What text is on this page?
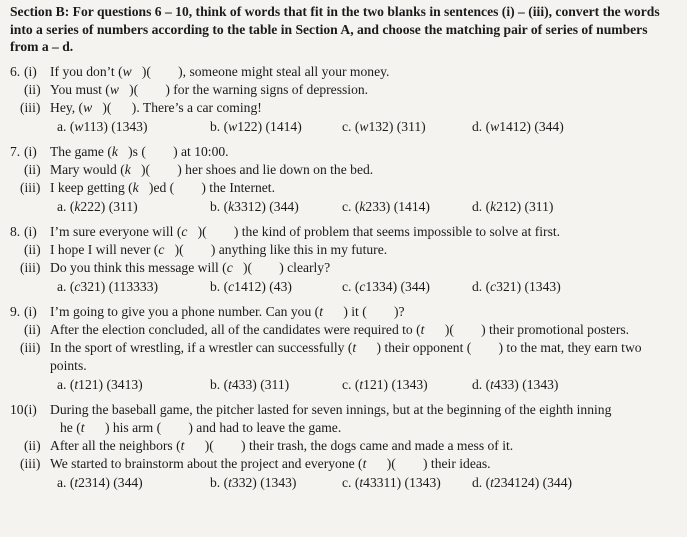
Section B: For questions 6 – 10, think of words that fit in the two blanks in sentences (i) – (iii), convert the words into a series of numbers according to the table in Section A, and choose the matching pair of series of numbers from a – d.
6. (i) If you don’t (w   )(        ), someone might steal all your money.
(ii) You must (w   )(        ) for the warning signs of depression.
(iii) Hey, (w   )(      ). There’s a car coming!
a. (w113) (1343)	b. (w122) (1414)	c. (w132) (311)	d. (w1412) (344)
7. (i) The game (k   )s (        ) at 10:00.
(ii) Mary would (k   )(        ) her shoes and lie down on the bed.
(iii) I keep getting (k   )ed (        ) the Internet.
a. (k222) (311)	b. (k3312) (344)	c. (k233) (1414)	d. (k212) (311)
8. (i) I’m sure everyone will (c   )(        ) the kind of problem that seems impossible to solve at first.
(ii) I hope I will never (c   )(        ) anything like this in my future.
(iii) Do you think this message will (c   )(        ) clearly?
a. (c321) (113333)	b. (c1412) (43)	c. (c1334) (344)	d. (c321) (1343)
9. (i) I’m going to give you a phone number. Can you (t      ) it (        )?
(ii) After the election concluded, all of the candidates were required to (t      )(        ) their promotional posters.
(iii) In the sport of wrestling, if a wrestler can successfully (t      ) their opponent (        ) to the mat, they earn two
points.
a. (t121) (3413)	b. (t433) (311)	c. (t121) (1343)	d. (t433) (1343)
10.
(i) During the baseball game, the pitcher lasted for seven innings, but at the beginning of the eighth inning
he (t      ) his arm (        ) and had to leave the game.
(ii) After all the neighbors (t      )(        ) their trash, the dogs came and made a mess of it.
(iii) We started to brainstorm about the project and everyone (t      )(        ) their ideas.
a. (t2314) (344)	b. (t332) (1343)	c. (t43311) (1343) d. (t234124) (344)
